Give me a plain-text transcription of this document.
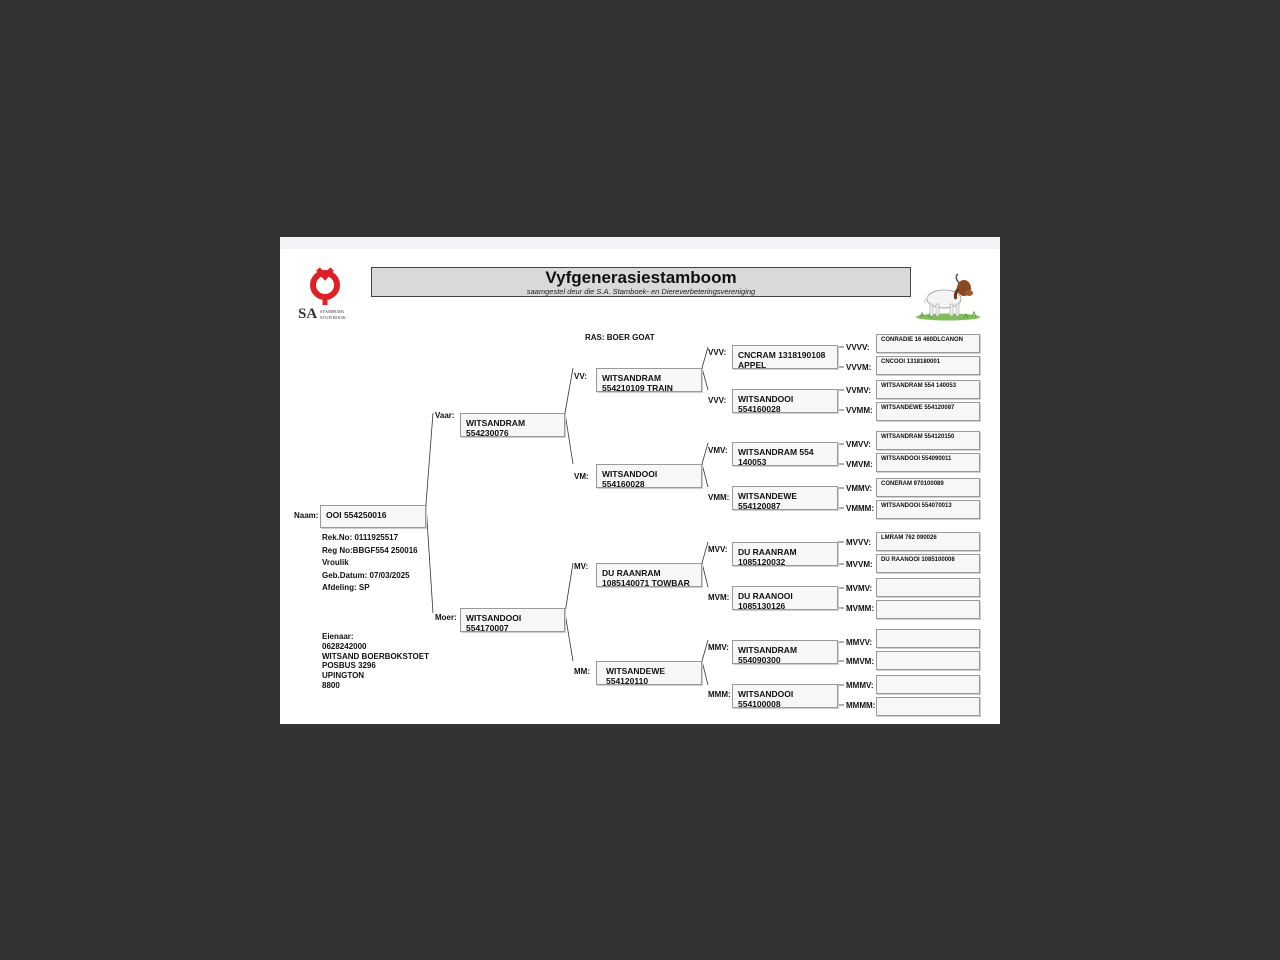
SA STAMBOEK
STUD BOOK
Vyfgenerasiestamboom
saamgestel deur die S.A. Stamboek- en Diereverbeteringsvereniging
RAS: BOER GOAT
Naam: OOI 554250016
Rek.No: 0111925517
Reg No:BBGF554 250016
Vroulik
Geb.Datum: 07/03/2025
Afdeling: SP
Eienaar:
0628242000
WITSAND BOERBOKSTOET
POSBUS 3296
UPINGTON
8800
Vaar:
WITSANDRAM
554230076
Moer: WITSANDOOI
554170007
VV: WITSANDRAM
554210109 TRAIN
VM: WITSANDOOI
554160028
MV:
DU RAANRAM
1085140071 TOWBAR
MM:	WITSANDEWE
554120110
VVV: CNCRAM 1318190108
APPEL
VVV: WITSANDOOI
554160028
VMV: WITSANDRAM 554
140053
VMM: WITSANDEWE
554120087
MVV: DU RAANRAM
1085120032
MVM: DU RAANOOI
1085130126
MMV: WITSANDRAM
554090300
MMM: WITSANDOOI
554100008
VVVV:
VVVM:
VVMV:
VVMM:
VMVV:
VMVM:
VMMV:
VMMM:
MVVV:
MVVM:
MVMV:
MVMM:
MMVV:
MMVM:
MMMV:
MMMM:
CONRADIE 16 460DLCANON
CNCOOI 1318180001
WITSANDRAM 554 140053
WITSANDEWE 554120087
WITSANDRAM 554120150
WITSANDOOI 554090011
CONERAM 970100089
WITSANDOOI 554070013
LMRAM 762 090026
DU RAANOOI 1085100008
